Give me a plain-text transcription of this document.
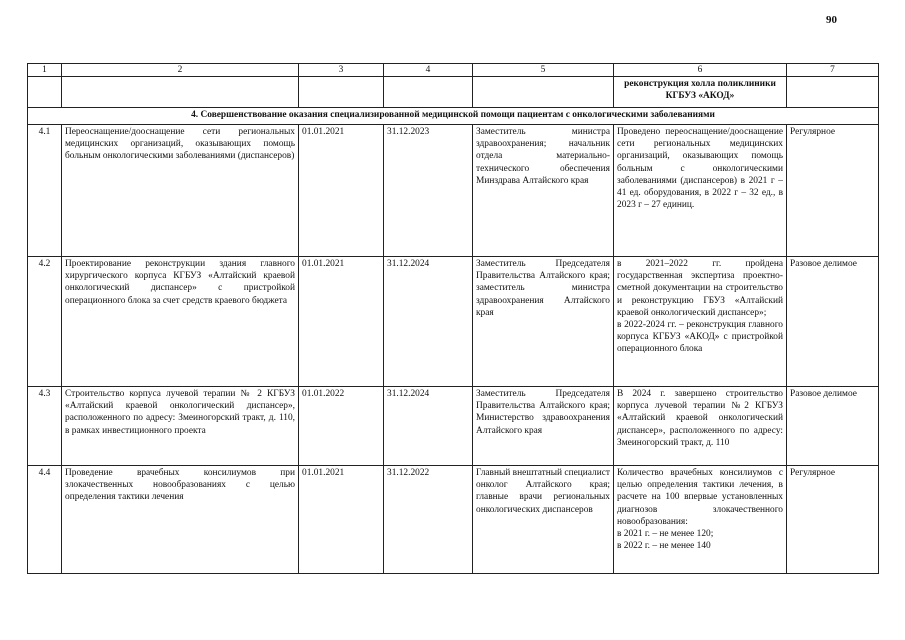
90
1	2	3	4	5	6	7
					реконструкция холла поликлиники КГБУЗ «АКОД»	
4. Совершенствование оказания специализированной медицинской помощи пациентам с онкологическими заболеваниями						
4.1	Переоснащение/дооснащение сети региональных медицинских организаций, оказывающих помощь больным онкологическими заболеваниями (диспансеров)	01.01.2021	31.12.2023	Заместитель министра здравоохранения; начальник отдела материально-технического обеспечения Минздрава Алтайского края	Проведено переоснащение/дооснащение сети региональных медицинских организаций, оказывающих помощь больным с онкологическими заболеваниями (диспансеров) в 2021 г – 41 ед. оборудования, в 2022 г – 32 ед., в 2023 г – 27 единиц.	Регулярное
4.2	Проектирование реконструкции здания главного хирургического корпуса КГБУЗ «Алтайский краевой онкологический диспансер» с пристройкой операционного блока за счет средств краевого бюджета	01.01.2021	31.12.2024	Заместитель Председателя Правительства Алтайского края; заместитель министра здравоохранения Алтайского края	в 2021–2022 гг. пройдена государственная экспертиза проектно-сметной документации на строительство и реконструкцию ГБУЗ «Алтайский краевой онкологический диспансер»;
в 2022-2024 гг. – реконструкция главного корпуса КГБУЗ «АКОД» с пристройкой операционного блока	Разовое делимое
4.3	Строительство корпуса лучевой терапии № 2 КГБУЗ «Алтайский краевой онкологический диспансер», расположенного по адресу: Змеиногорский тракт, д. 110, в рамках инвестиционного проекта	01.01.2022	31.12.2024	Заместитель Председателя Правительства Алтайского края; Министерство здравоохранения Алтайского края	В 2024 г. завершено строительство корпуса лучевой терапии №2 КГБУЗ «Алтайский краевой онкологический диспансер», расположенного по адресу: Змеиногорский тракт, д. 110	Разовое делимое
4.4	Проведение врачебных консилиумов при злокачественных новообразованиях с целью определения тактики лечения	01.01.2021	31.12.2022	Главный внештатный специалист онколог Алтайского края; главные врачи региональных онкологических диспансеров	Количество врачебных консилиумов с целью определения тактики лечения, в расчете на 100 впервые установленных диагнозов злокачественного новообразования:
в 2021 г. – не менее 120;
в 2022 г. – не менее 140	Регулярное
